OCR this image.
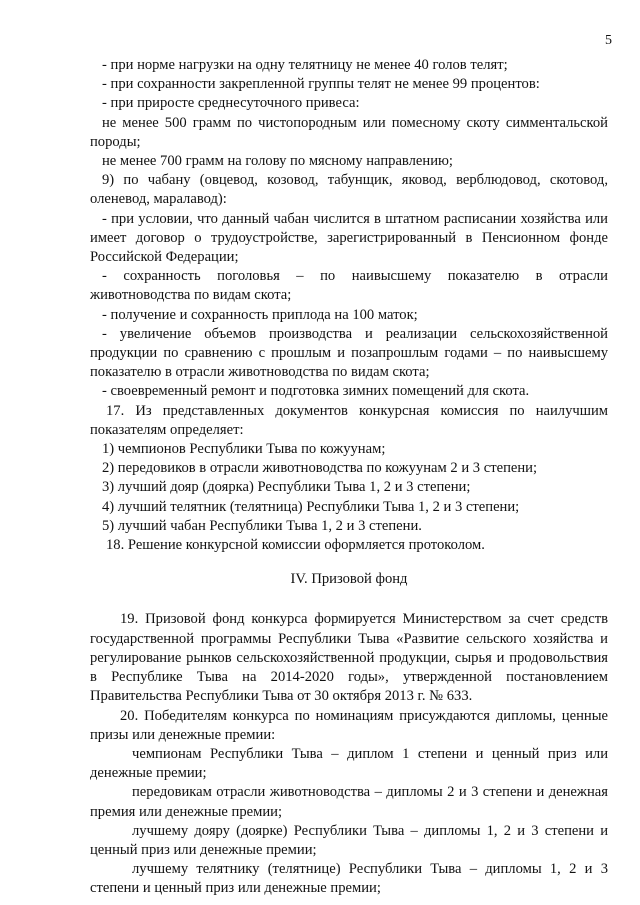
5

- при норме нагрузки на одну телятницу не менее 40 голов телят;

- при сохранности закрепленной группы телят не менее 99 процентов:

- при приросте среднесуточного привеса:

не менее 500 грамм по чистопородным или помесному скоту симментальской породы;

не менее 700 грамм на голову по мясному направлению;

9) по чабану (овцевод, козовод, табунщик, яковод, верблюдовод, скотовод, оленевод, маралавод):

- при условии, что данный чабан числится в штатном расписании хозяйства или имеет договор о трудоустройстве, зарегистрированный в Пенсионном фонде Российской Федерации;

- сохранность поголовья – по наивысшему показателю в отрасли животноводства по видам скота;

- получение и сохранность приплода на 100 маток;

- увеличение объемов производства и реализации сельскохозяйственной продукции по сравнению с прошлым и позапрошлым годами – по наивысшему показателю в отрасли животноводства по видам скота;

- своевременный ремонт и подготовка зимних помещений для скота.

17. Из представленных документов конкурсная комиссия по наилучшим показателям определяет:

1) чемпионов Республики Тыва по кожуунам;

2) передовиков в отрасли животноводства по кожуунам 2 и 3 степени;

3) лучший дояр (доярка) Республики Тыва 1, 2 и 3 степени;

4) лучший телятник (телятница) Республики Тыва 1, 2 и 3 степени;

5) лучший чабан Республики Тыва 1, 2 и 3 степени.

18. Решение конкурсной комиссии оформляется протоколом.

IV. Призовой фонд

19. Призовой фонд конкурса формируется Министерством за счет средств государственной программы Республики Тыва «Развитие сельского хозяйства и регулирование рынков сельскохозяйственной продукции, сырья и продовольствия в Республике Тыва на 2014-2020 годы», утвержденной постановлением Правительства Республики Тыва от 30 октября 2013 г. № 633.

20. Победителям конкурса по номинациям присуждаются дипломы, ценные призы или денежные премии:

чемпионам Республики Тыва – диплом 1 степени и ценный приз или денежные премии;

передовикам отрасли животноводства – дипломы 2 и 3 степени и денежная премия или денежные премии;

лучшему дояру (доярке) Республики Тыва – дипломы 1, 2 и 3 степени и ценный приз или денежные премии;

лучшему телятнику (телятнице) Республики Тыва – дипломы 1, 2 и 3 степени и ценный приз или денежные премии;
